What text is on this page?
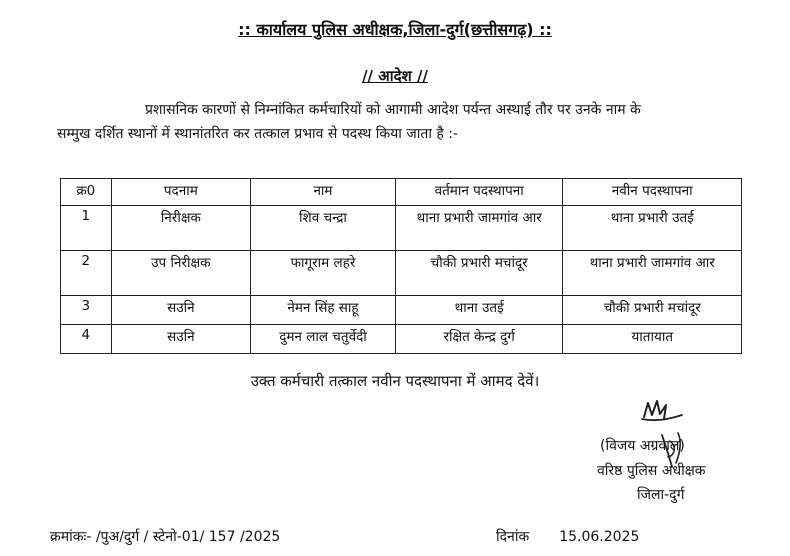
:: कार्यालय पुलिस अधीक्षक,जिला-दुर्ग(छत्तीसगढ़) ::
// आदेश //
प्रशासनिक कारणों से निम्नांकित कर्मचारियों को आगामी आदेश पर्यन्त अस्थाई तौर पर उनके नाम के
सम्मुख दर्शित स्थानों में स्थानांतरित कर तत्काल प्रभाव से पदस्थ किया जाता है :-
क्र0	पदनाम	नाम	वर्तमान पदस्थापना	नवीन पदस्थापना
1	निरीक्षक	शिव चन्द्रा	थाना प्रभारी जामगांव आर	थाना प्रभारी उतई
2	उप निरीक्षक	फागूराम लहरे	चौकी प्रभारी मचांदूर	थाना प्रभारी जामगांव आर
3	सउनि	नेमन सिंह साहू	थाना उतई	चौकी प्रभारी मचांदूर
4	सउनि	दुमन लाल चतुर्वेदी	रक्षित केन्द्र दुर्ग	यातायात
उक्त कर्मचारी तत्काल नवीन पदस्थापना में आमद देवें।
(विजय अग्रवाल)
वरिष्ठ पुलिस अधीक्षक
जिला-दुर्ग
क्रमांकः- /पुअ/दुर्ग / स्टेनो-01/ 157 /2025	दिनांक 15.06.2025
